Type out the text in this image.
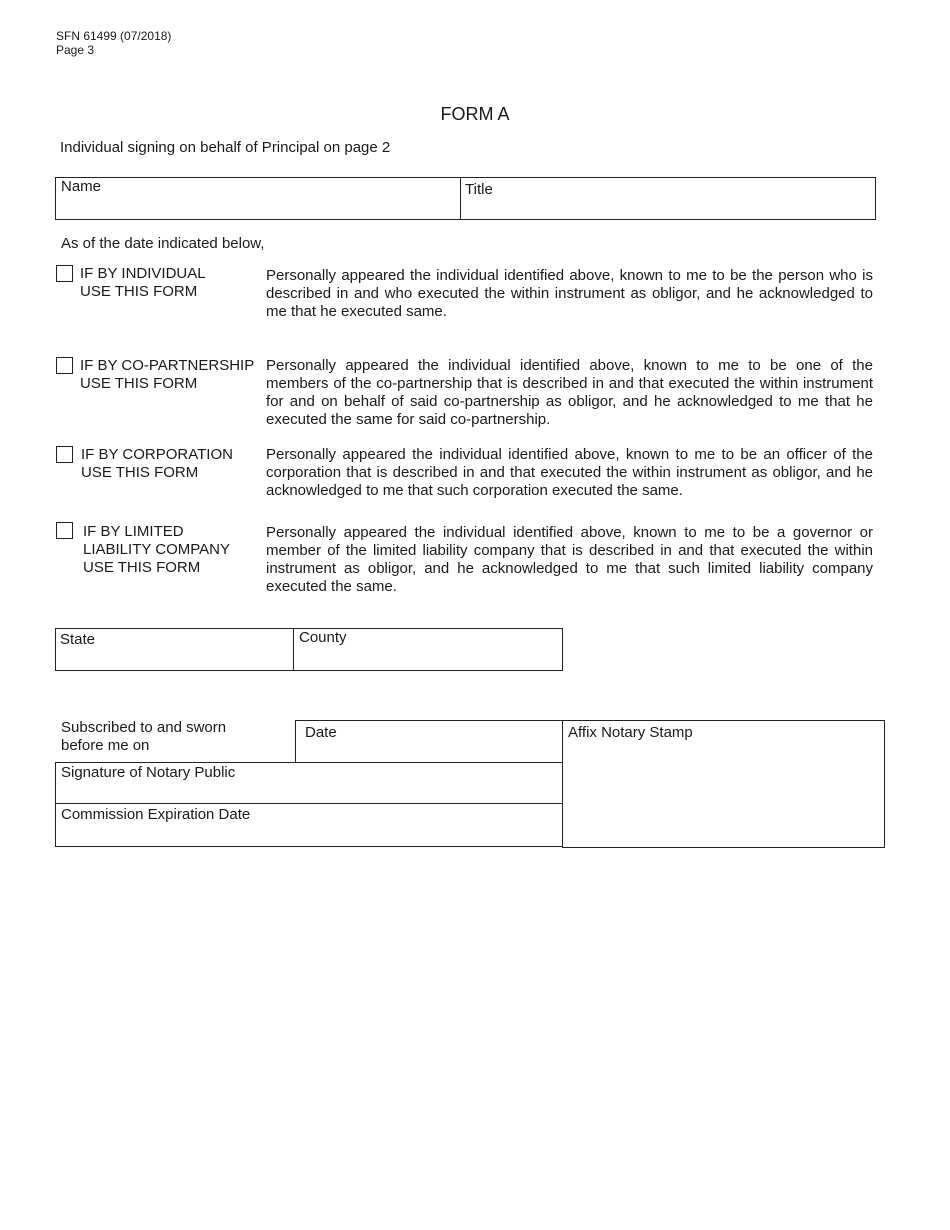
SFN 61499 (07/2018)
Page 3
FORM A
Individual signing on behalf of Principal on page 2
Name	Title
As of the date indicated below,
IF BY INDIVIDUAL
USE THIS FORM
Personally appeared the individual identified above, known to me to be the person who is described in and who executed the within instrument as obligor, and he acknowledged to me that he executed same.
IF BY CO-PARTNERSHIP
USE THIS FORM
Personally appeared the individual identified above, known to me to be one of the members of the co-partnership that is described in and that executed the within instrument for and on behalf of said co-partnership as obligor, and he acknowledged to me that he executed the same for said co-partnership.
IF BY CORPORATION
USE THIS FORM
Personally appeared the individual identified above, known to me to be an officer of the corporation that is described in and that executed the within instrument as obligor, and he acknowledged to me that such corporation executed the same.
IF BY LIMITED
LIABILITY COMPANY
USE THIS FORM
Personally appeared the individual identified above, known to me to be a governor or member of the limited liability company that is described in and that executed the within instrument as obligor, and he acknowledged to me that such limited liability company executed the same.
State	County
Subscribed to and sworn
before me on
Date	Affix Notary Stamp
Signature of Notary Public
Commission Expiration Date
